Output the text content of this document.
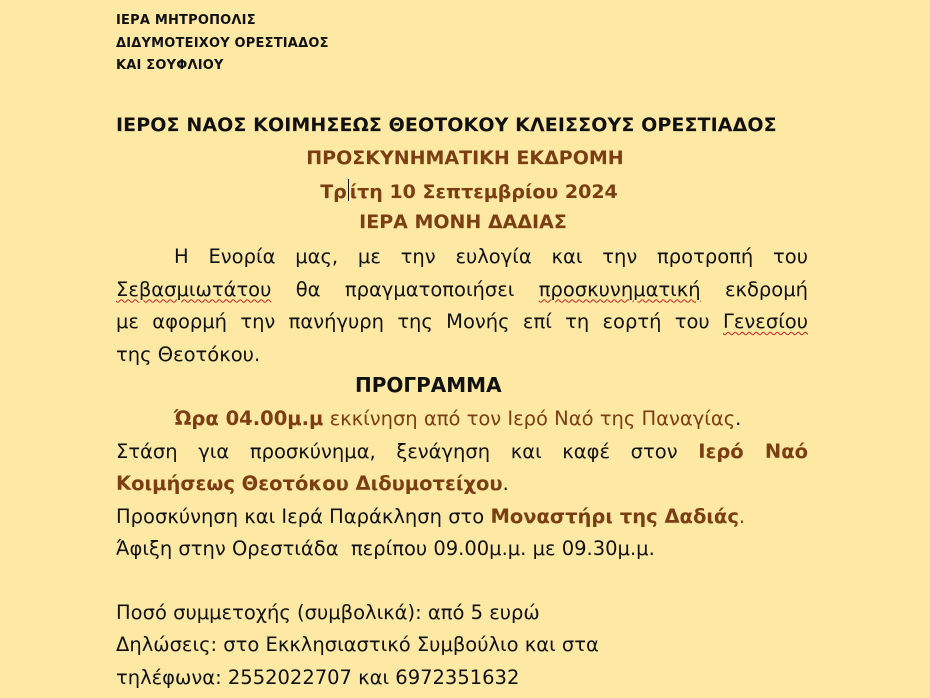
ΙΕΡΑ ΜΗΤΡΟΠΟΛΙΣ
ΔΙΔΥΜΟΤΕΙΧΟΥ ΟΡΕΣΤΙΑΔΟΣ
ΚΑΙ ΣΟΥΦΛΙΟΥ
ΙΕΡΟΣ ΝΑΟΣ ΚΟΙΜΗΣΕΩΣ ΘΕΟΤΟΚΟΥ ΚΛΕΙΣΣΟΥΣ ΟΡΕΣΤΙΑΔΟΣ
ΠΡΟΣΚΥΝΗΜΑΤΙΚΗ ΕΚΔΡΟΜΗ
Τρ ίτη 10 Σεπτεμβρίου 2024
ΙΕΡΑ ΜΟΝΗ ΔΑΔΙΑΣ
Η Ενορία μας, με την ευλογία και την προτροπή του
Σεβασμιωτάτου θα πραγματοποιήσει προσκυνηματική εκδρομή
με αφορμή την πανήγυρη της Μονής επί τη εορτή του Γενεσίου
της Θεοτόκου.
ΠΡΟΓΡΑΜΜΑ
Ώρα 04.00μ.μ εκκίνηση από τον Ιερό Ναό της Παναγίας.
Στάση για προσκύνημα, ξενάγηση και καφέ στον Ιερό Ναό
Κοιμήσεως Θεοτόκου Διδυμοτείχου.
Προσκύνηση και Ιερά Παράκληση στο Μοναστήρι της Δαδιάς.
Άφιξη στην Ορεστιάδα  περίπου 09.00μ.μ. με 09.30μ.μ.
Ποσό συμμετοχής (συμβολικά): από 5 ευρώ
Δηλώσεις: στο Εκκλησιαστικό Συμβούλιο και στα
τηλέφωνα: 2552022707 και 6972351632
